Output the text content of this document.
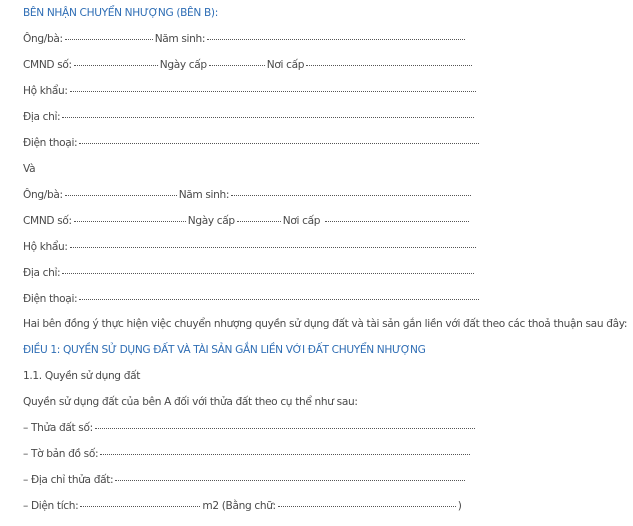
BÊN NHẬN CHUYỂN NHƯỢNG (BÊN B):
Ông/bà:	Năm sinh:
CMND số:	Ngày cấp	Nơi cấp
Hộ khẩu:
Địa chỉ:
Điện thoại:
Và
Ông/bà:	Năm sinh:
CMND số:	Ngày cấp	Nơi cấp
Hộ khẩu:
Địa chỉ:
Điện thoại:
Hai bên đồng ý thực hiện việc chuyển nhượng quyền sử dụng đất và tài sản gắn liền với đất theo các thoả thuận sau đây:
ĐIỀU 1: QUYỀN SỬ DỤNG ĐẤT VÀ TÀI SẢN GẮN LIỀN VỚI ĐẤT CHUYỂN NHƯỢNG
1.1. Quyền sử dụng đất
Quyền sử dụng đất của bên A đối với thửa đất theo cụ thể như sau:
– Thửa đất số:
– Tờ bản đồ số:
– Địa chỉ thửa đất:
– Diện tích:	m2 (Bằng chữ:	)
